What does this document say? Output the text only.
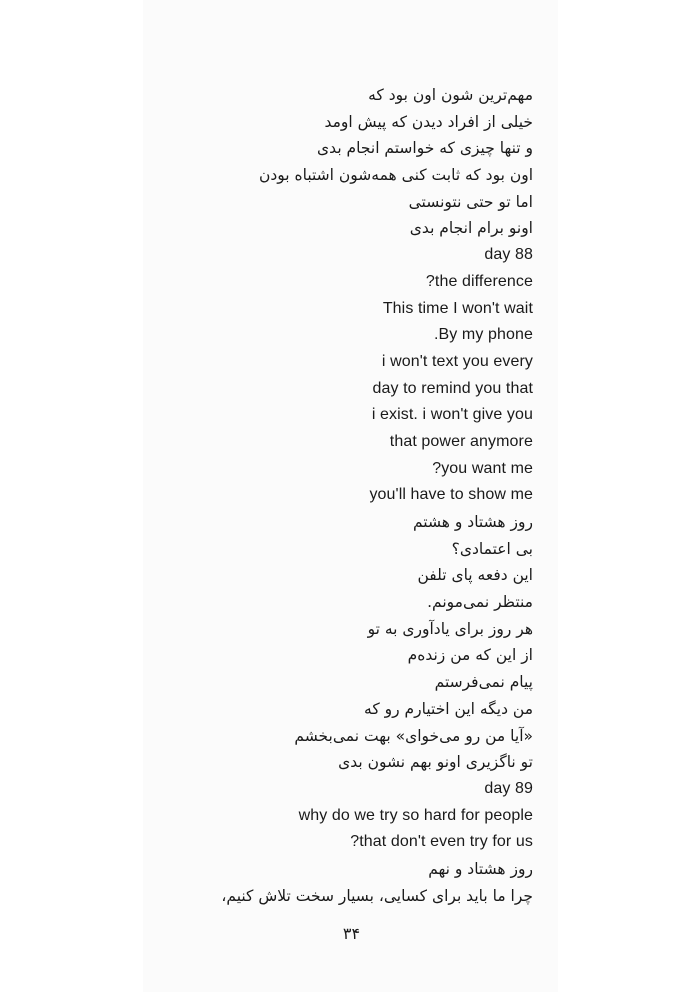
مهم‌ترین شون اون بود که
خیلی از افراد دیدن که پیش اومد
و تنها چیزی که خواستم انجام بدی
اون بود که ثابت کنی همه‌شون اشتباه بودن
اما تو حتی نتونستی
اونو برام انجام بدی
day 88
the difference?
This time I won't wait
By my phone.
i won't text you every
day to remind you that
i exist. i won't give you
that power anymore
you want me?
you'll have to show me
روز هشتاد و هشتم
بی اعتمادی؟
این دفعه پای تلفن
منتظر نمی‌مونم.
هر روز برای یادآوری به تو
از این که من زنده‌م
پیام نمی‌فرستم
من دیگه این اختیارم رو که
«آیا من رو می‌خوای» بهت نمی‌بخشم
تو ناگزیری اونو بهم نشون بدی
day 89
why do we try so hard for people
that don't even try for us?
روز هشتاد و نهم
چرا ما باید برای کسایی، بسیار سخت تلاش کنیم،
۳۴
